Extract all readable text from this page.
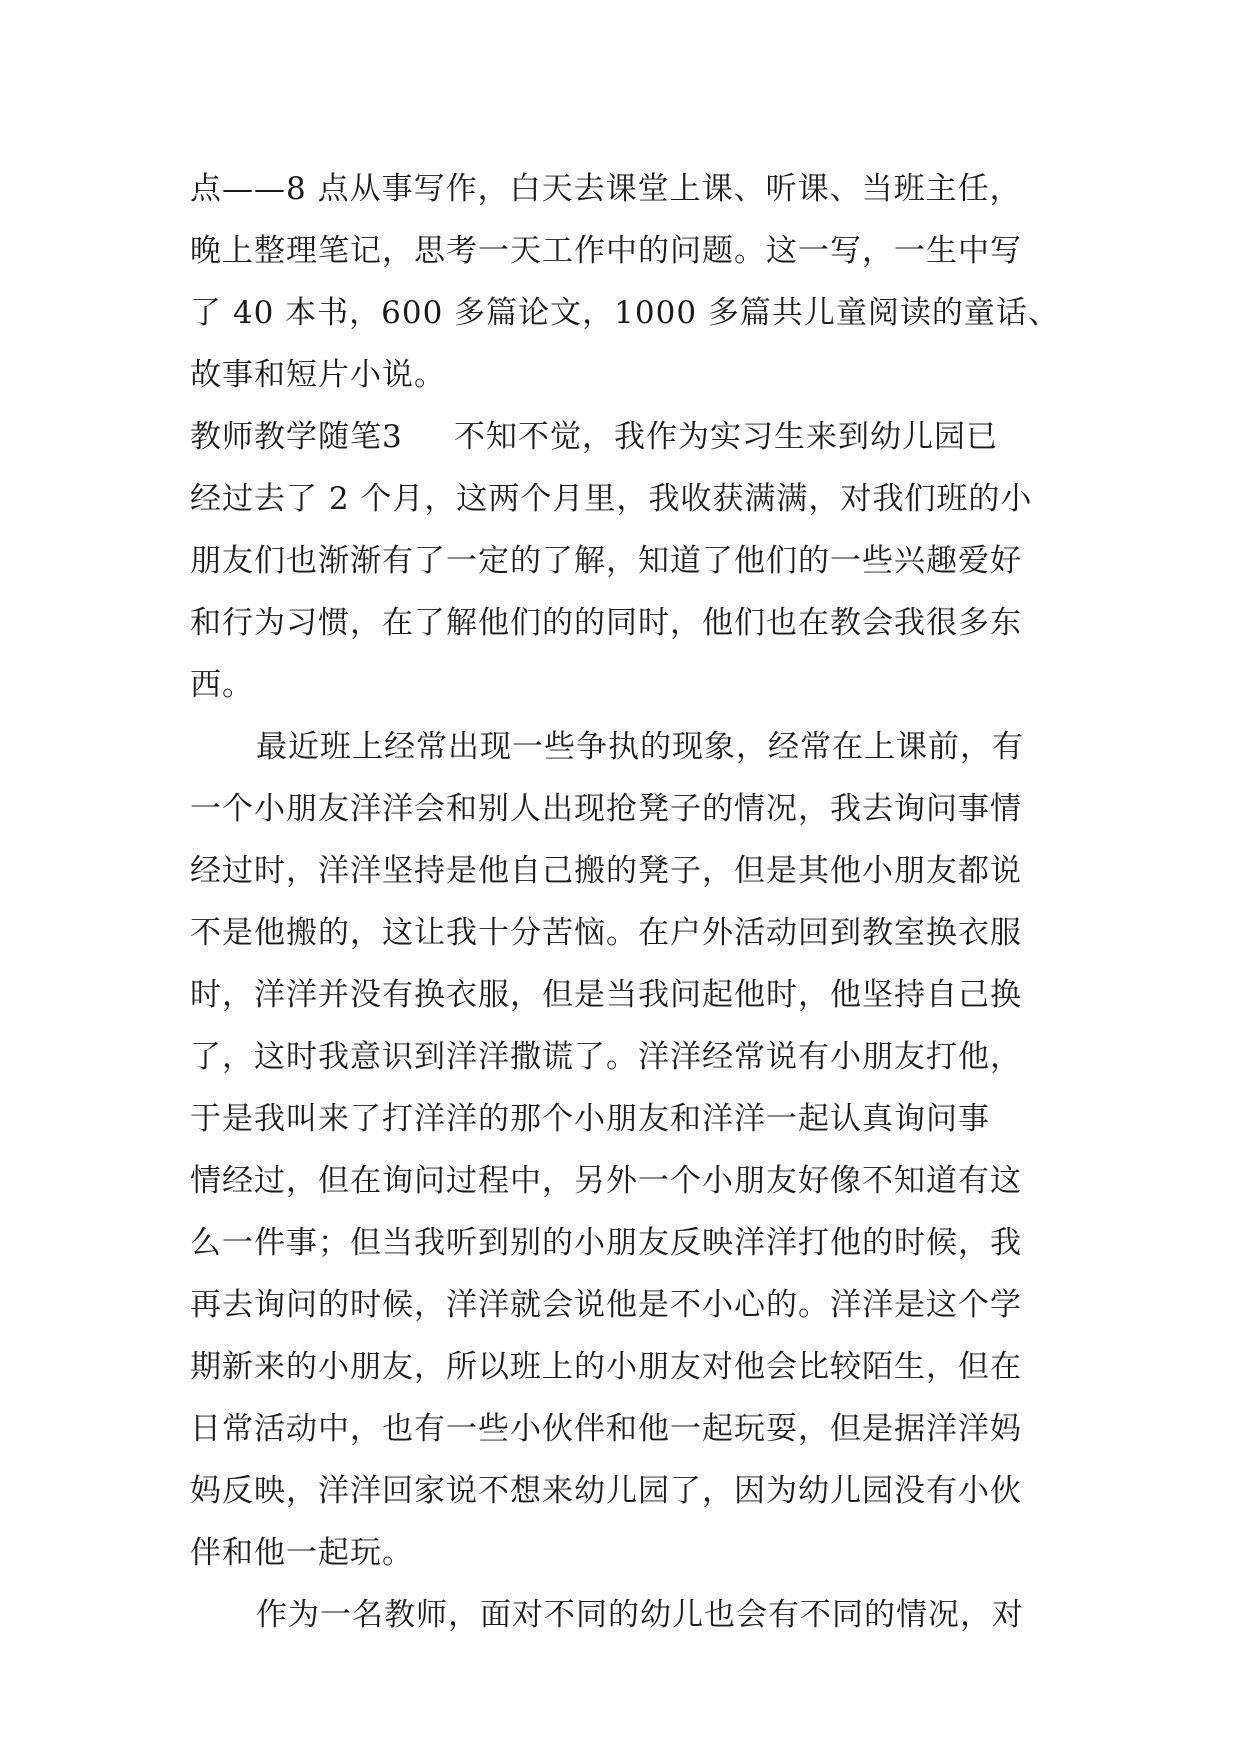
点——8 点从事写作，白天去课堂上课、听课、当班主任，
晚上整理笔记，思考一天工作中的问题。这一写，一生中写
了 40 本书，600 多篇论文，1000 多篇共儿童阅读的童话、
故事和短片小说。
教师教学随笔3 不知不觉，我作为实习生来到幼儿园已
经过去了 2 个月，这两个月里，我收获满满，对我们班的小
朋友们也渐渐有了一定的了解，知道了他们的一些兴趣爱好
和行为习惯，在了解他们的的同时，他们也在教会我很多东
西。
最近班上经常出现一些争执的现象，经常在上课前，有
一个小朋友洋洋会和别人出现抢凳子的情况，我去询问事情
经过时，洋洋坚持是他自己搬的凳子，但是其他小朋友都说
不是他搬的，这让我十分苦恼。在户外活动回到教室换衣服
时，洋洋并没有换衣服，但是当我问起他时，他坚持自己换
了，这时我意识到洋洋撒谎了。洋洋经常说有小朋友打他，
于是我叫来了打洋洋的那个小朋友和洋洋一起认真询问事
情经过，但在询问过程中，另外一个小朋友好像不知道有这
么一件事；但当我听到别的小朋友反映洋洋打他的时候，我
再去询问的时候，洋洋就会说他是不小心的。洋洋是这个学
期新来的小朋友，所以班上的小朋友对他会比较陌生，但在
日常活动中，也有一些小伙伴和他一起玩耍，但是据洋洋妈
妈反映，洋洋回家说不想来幼儿园了，因为幼儿园没有小伙
伴和他一起玩。
作为一名教师，面对不同的幼儿也会有不同的情况，对
